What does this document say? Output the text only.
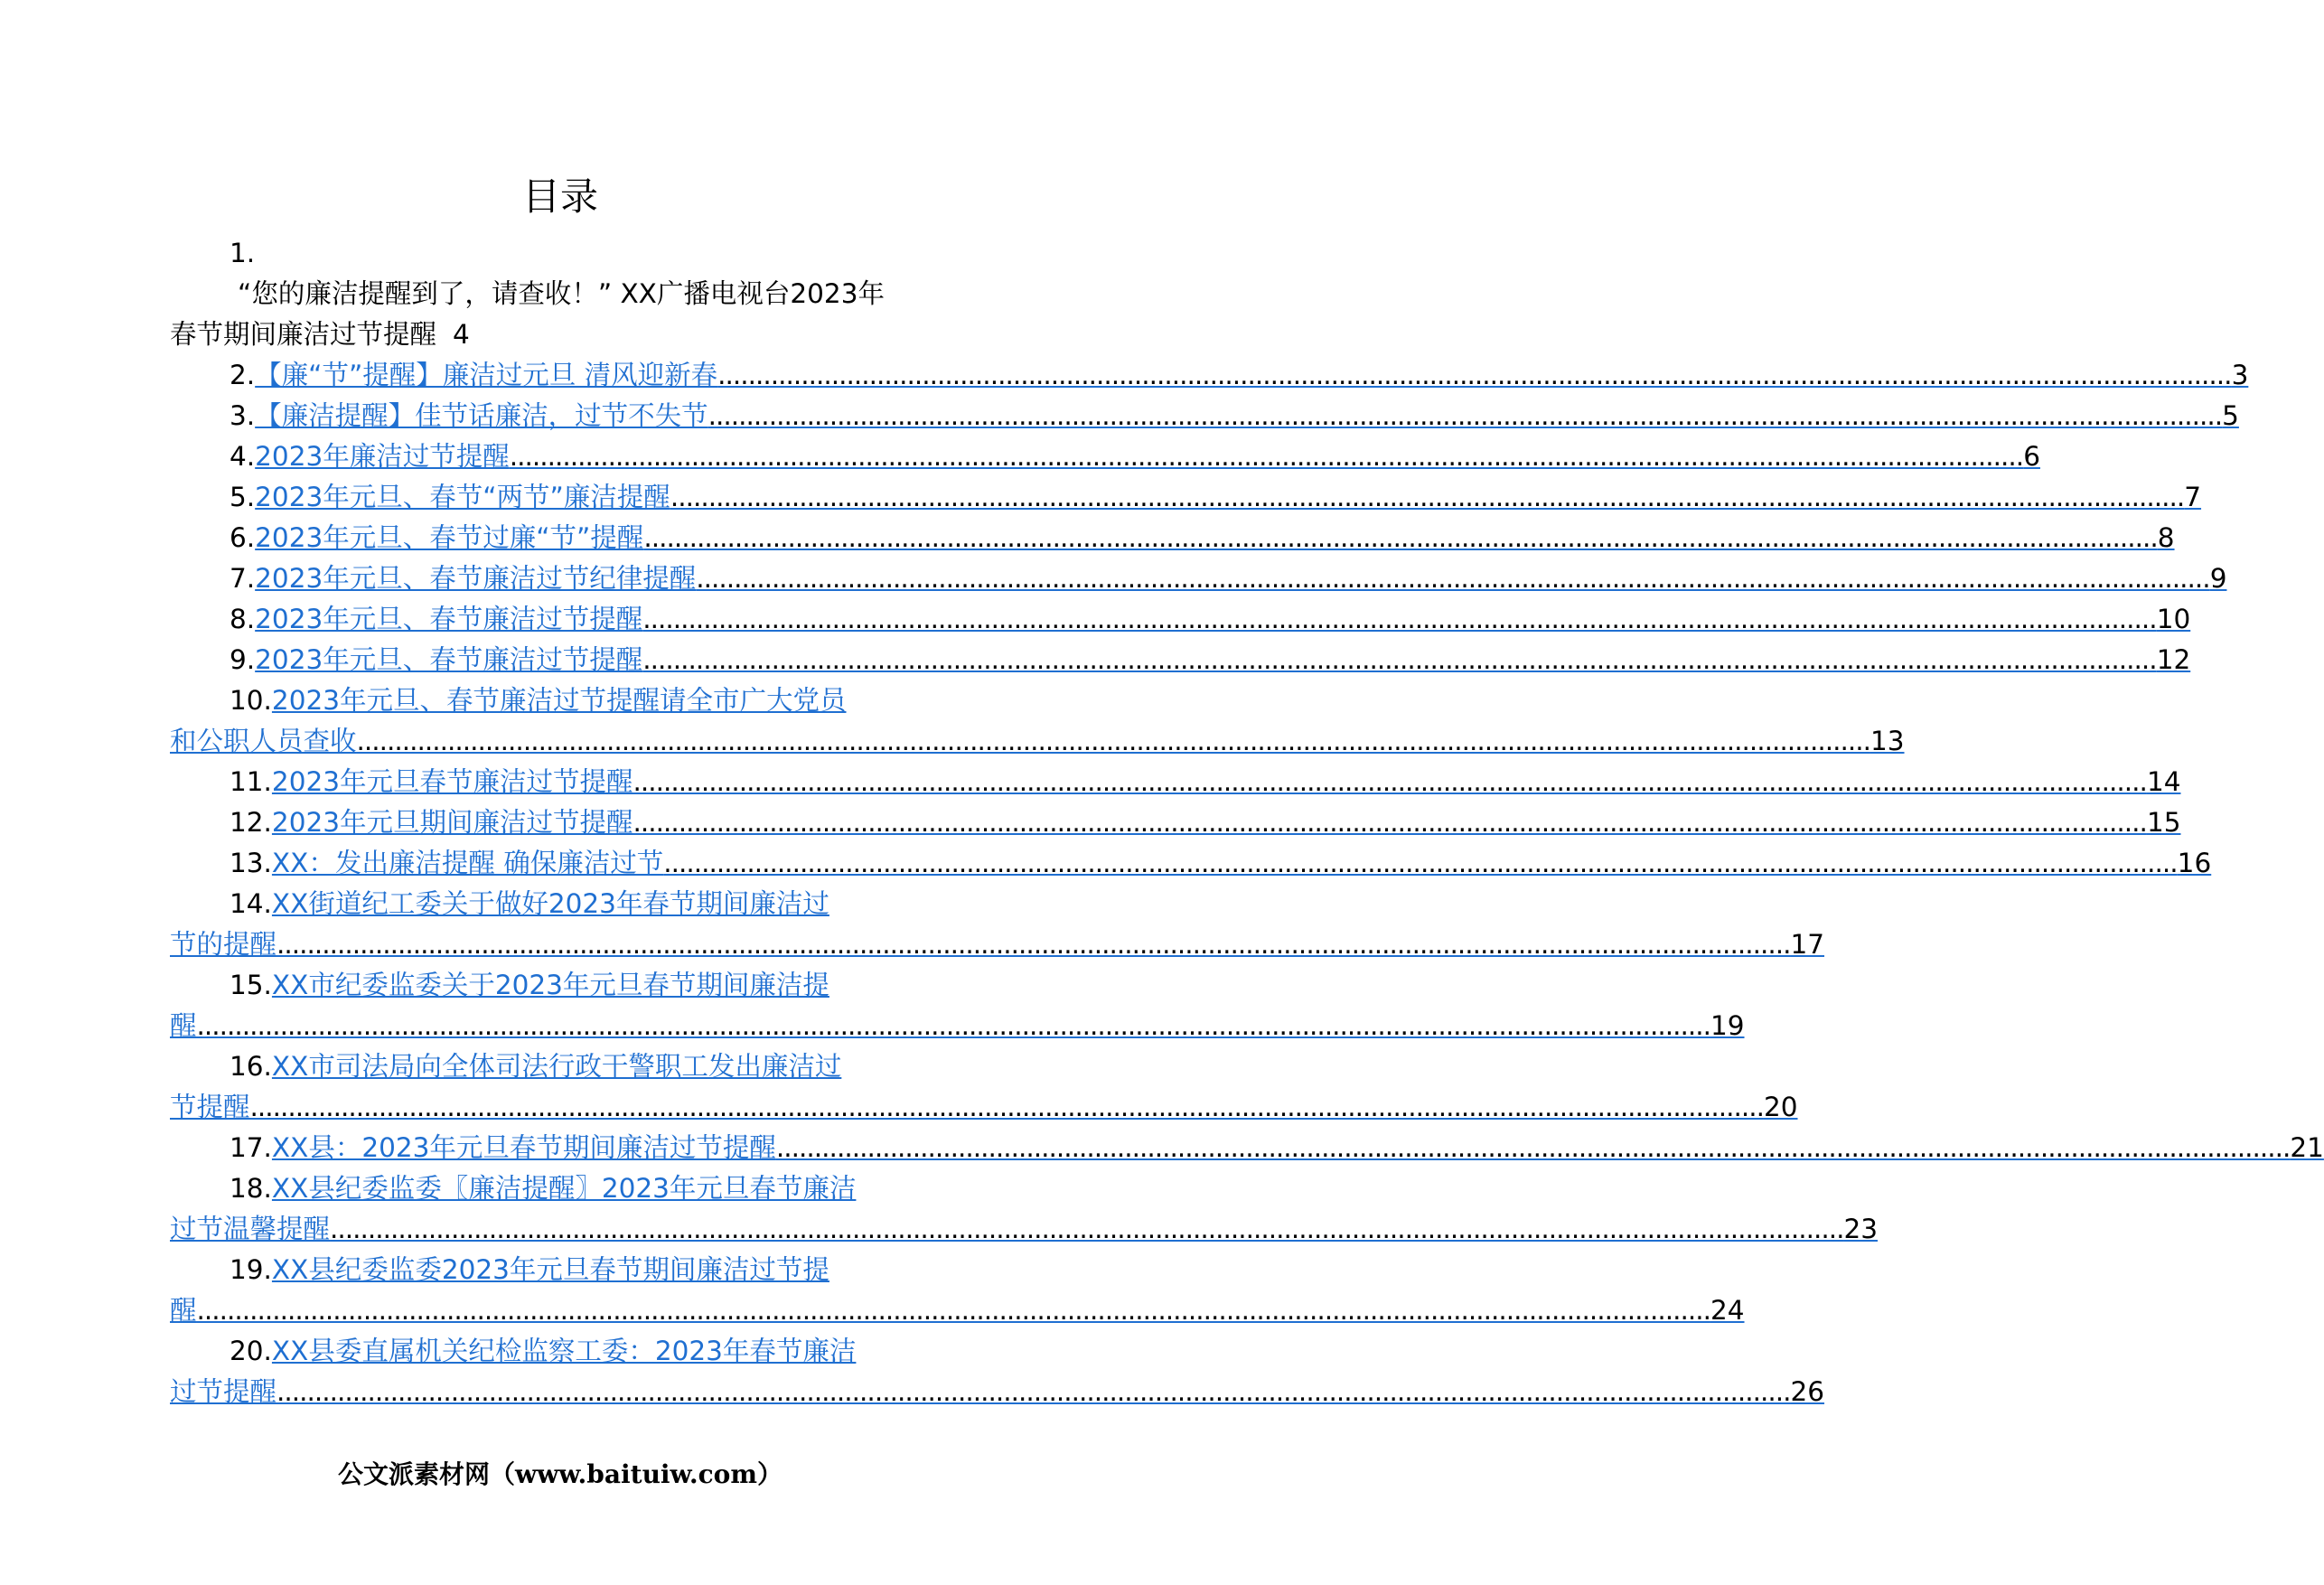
目录
1.
“您的廉洁提醒到了，请查收！” XX广播电视台2023年
春节期间廉洁过节提醒 4
2. 【廉“节”提醒】廉洁过元旦 清风迎新春 ........................................................................................................................................................................................................ 3
3. 【廉洁提醒】佳节话廉洁，过节不失节 ........................................................................................................................................................................................................ 5
4. 2023年廉洁过节提醒 ........................................................................................................................................................................................................ 6
5. 2023年元旦、春节“两节”廉洁提醒 ........................................................................................................................................................................................................ 7
6. 2023年元旦、春节过廉“节”提醒 ........................................................................................................................................................................................................ 8
7. 2023年元旦、春节廉洁过节纪律提醒 ........................................................................................................................................................................................................ 9
8. 2023年元旦、春节廉洁过节提醒 ........................................................................................................................................................................................................ 10
9. 2023年元旦、春节廉洁过节提醒 ........................................................................................................................................................................................................ 12
10. 2023年元旦、春节廉洁过节提醒请全市广大党员
和公职人员查收 ........................................................................................................................................................................................................ 13
11. 2023年元旦春节廉洁过节提醒 ........................................................................................................................................................................................................ 14
12. 2023年元旦期间廉洁过节提醒 ........................................................................................................................................................................................................ 15
13. XX：发出廉洁提醒 确保廉洁过节 ........................................................................................................................................................................................................ 16
14. XX街道纪工委关于做好2023年春节期间廉洁过
节的提醒 ........................................................................................................................................................................................................ 17
15. XX市纪委监委关于2023年元旦春节期间廉洁提
醒 ........................................................................................................................................................................................................ 19
16. XX市司法局向全体司法行政干警职工发出廉洁过
节提醒 ........................................................................................................................................................................................................ 20
17. XX县：2023年元旦春节期间廉洁过节提醒 ........................................................................................................................................................................................................ 21
18. XX县纪委监委〖廉洁提醒〗2023年元旦春节廉洁
过节温馨提醒 ........................................................................................................................................................................................................ 23
19. XX县纪委监委2023年元旦春节期间廉洁过节提
醒 ........................................................................................................................................................................................................ 24
20. XX县委直属机关纪检监察工委：2023年春节廉洁
过节提醒 ........................................................................................................................................................................................................ 26
公文派素材网（www.baituiw.com）
